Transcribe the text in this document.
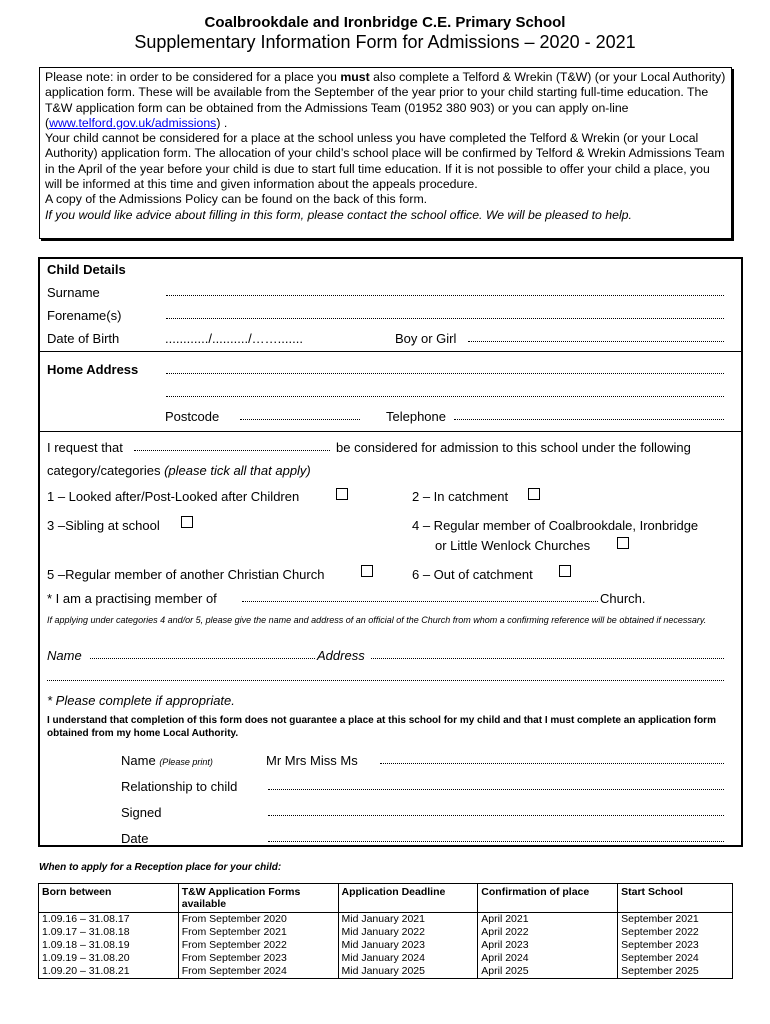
Coalbrookdale and Ironbridge C.E. Primary School
Supplementary Information Form for Admissions – 2020 - 2021
Please note: in order to be considered for a place you must also complete a Telford & Wrekin (T&W) (or your Local Authority) application form. These will be available from the September of the year prior to your child starting full-time education. The T&W application form can be obtained from the Admissions Team (01952 380 903) or you can apply on-line (www.telford.gov.uk/admissions) .
Your child cannot be considered for a place at the school unless you have completed the Telford & Wrekin (or your Local Authority) application form. The allocation of your child’s school place will be confirmed by Telford & Wrekin Admissions Team in the April of the year before your child is due to start full time education. If it is not possible to offer your child a place, you will be informed at this time and given information about the appeals procedure.
A copy of the Admissions Policy can be found on the back of this form.
If you would like advice about filling in this form, please contact the school office. We will be pleased to help.
Child Details
Surname
Forename(s)
Date of Birth	............/........../…….......	Boy or Girl
Home Address
Postcode	Telephone
I request that	be considered for admission to this school under the following
category/categories (please tick all that apply)
1 – Looked after/Post-Looked after Children	2 – In catchment
3 –Sibling at school	4 – Regular member of Coalbrookdale, Ironbridge
or Little Wenlock Churches
5 –Regular member of another Christian Church	6 – Out of catchment
* I am a practising member of	Church.
If applying under categories 4 and/or 5, please give the name and address of an official of the Church from whom a confirming reference will be obtained if necessary.
Name	Address
* Please complete if appropriate.
I understand that completion of this form does not guarantee a place at this school for my child and that I must complete an application form obtained from my home Local Authority.
Name (Please print)	Mr Mrs Miss Ms
Relationship to child
Signed
Date
When to apply for a Reception place for your child:
Born between	T&W Application Forms available	Application Deadline	Confirmation of place	Start School
1.09.16 – 31.08.17	From September 2020	Mid January 2021	April 2021	September 2021
1.09.17 – 31.08.18	From September 2021	Mid January 2022	April 2022	September 2022
1.09.18 – 31.08.19	From September 2022	Mid January 2023	April 2023	September 2023
1.09.19 – 31.08.20	From September 2023	Mid January 2024	April 2024	September 2024
1.09.20 – 31.08.21	From September 2024	Mid January 2025	April 2025	September 2025
